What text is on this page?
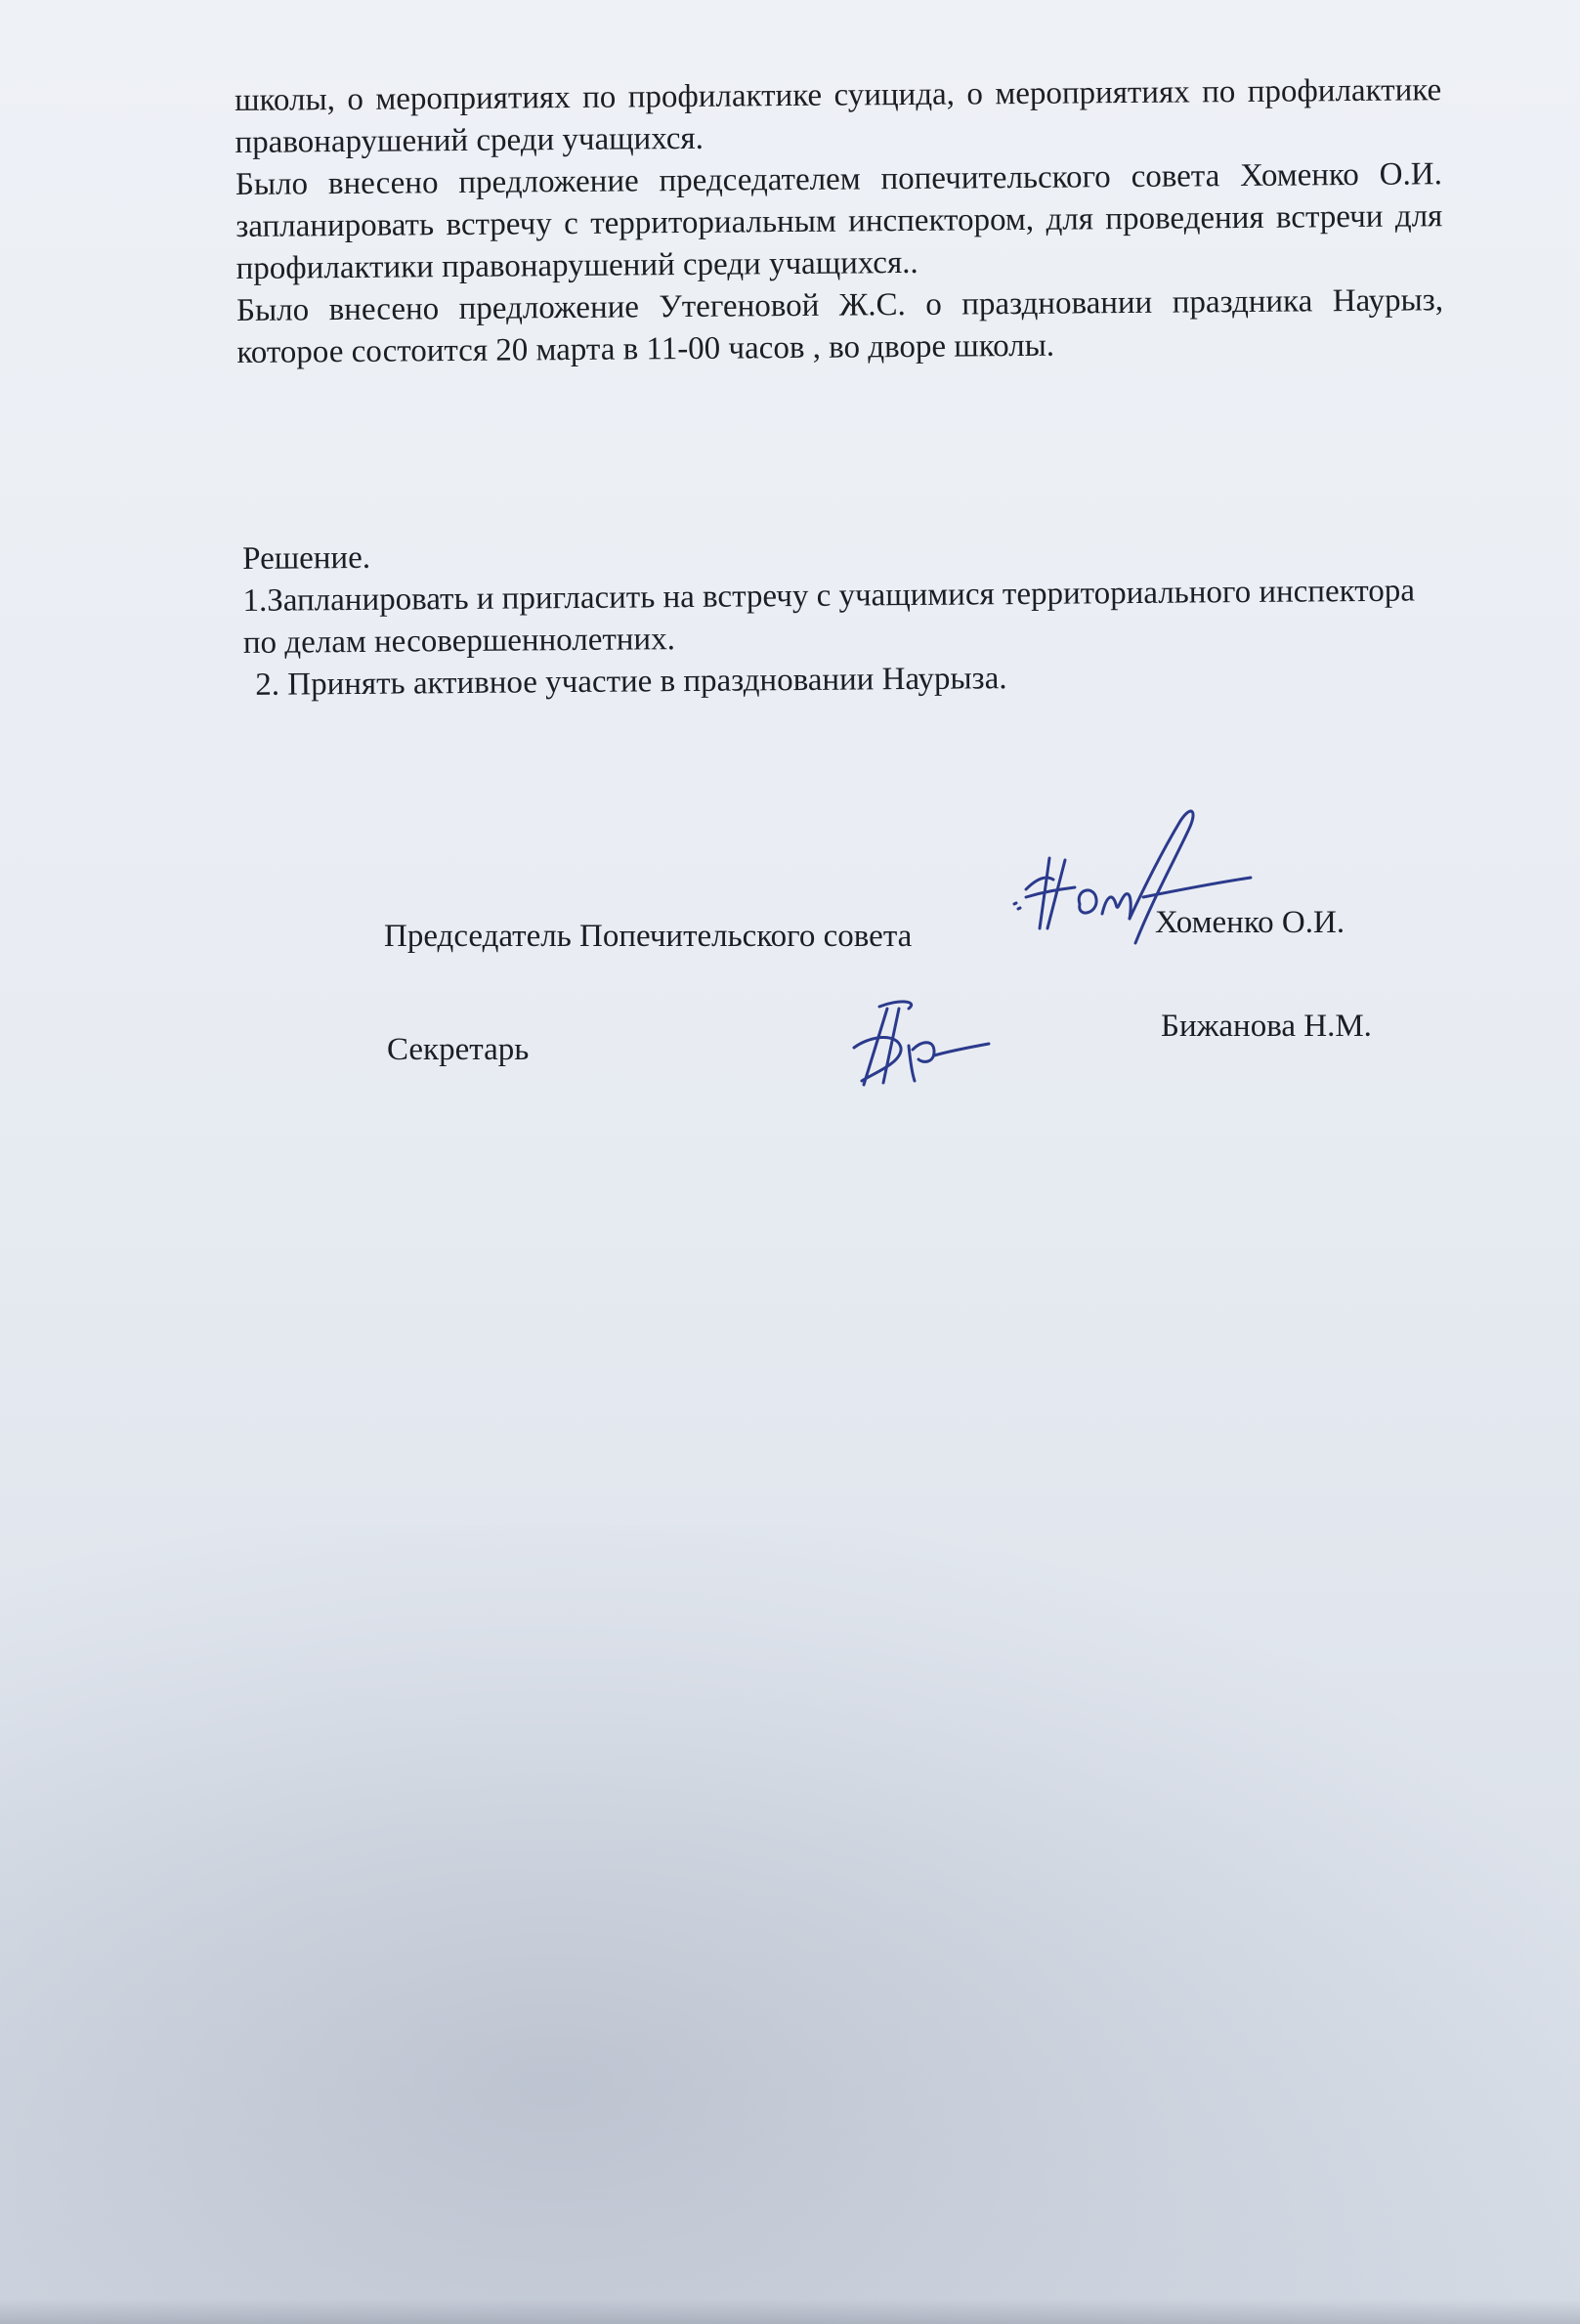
школы, о мероприятиях по профилактике суицида, о мероприятиях по профилактике правонарушений среди учащихся.

Было внесено предложение председателем попечительского совета Хоменко О.И. запланировать встречу с территориальным инспектором, для проведения встречи для профилактики правонарушений среди учащихся..

Было внесено предложение Утегеновой Ж.С. о праздновании праздника Наурыз, которое состоится 20 марта в 11-00 часов , во дворе школы.

Решение.

1.Запланировать и пригласить на встречу с учащимися территориального инспектора по делам несовершеннолетних.

2. Принять активное участие в праздновании Наурыза.

Председатель Попечительского совета	Хоменко О.И.
Секретарь
Бижанова Н.М.
